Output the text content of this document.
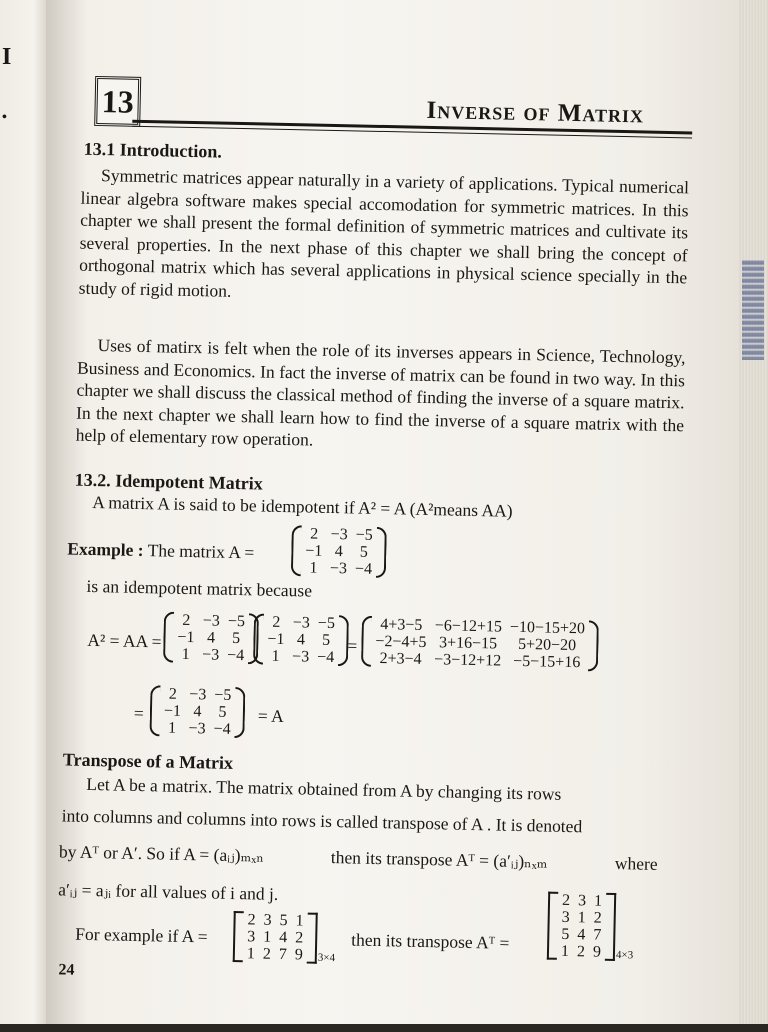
I
•	13	Inverse of Matrix
13.1 Introduction.

Symmetric matrices appear naturally in a variety of applications. Typical numerical linear algebra software makes special accomodation for symmetric matrices. In this chapter we shall present the formal definition of symmetric matrices and cultivate its several properties. In the next phase of this chapter we shall bring the concept of orthogonal matrix which has several applications in physical science specially in the study of rigid motion.

Uses of matirx is felt when the role of its inverses appears in Science, Technology, Business and Economics. In fact the inverse of matrix can be found in two way. In this chapter we shall discuss the classical method of finding the inverse of a square matrix. In the next chapter we shall learn how to find the inverse of a square matrix with the help of elementary row operation.

13.2. Idempotent Matrix
A matrix A is said to be idempotent if A² = A (A²means AA)
Example : The matrix A =
2	−3	−5
−1	4	5
1	−3	−4
is an idempotent matrix because
A² = AA =
2	−3	−5
−1	4	5
1	−3	−4
2	−3	−5
−1	4	5
1	−3	−4
=
4+3−5	−6−12+15	−10−15+20
−2−4+5	3+16−15	5+20−20
2+3−4	−3−12+12	−5−15+16
=
2	−3	−5
−1	4	5
1	−3	−4
= A
Transpose of a Matrix
Let A be a matrix. The matrix obtained from A by changing its rows
into columns and columns into rows is called transpose of A . It is denoted
by Aᵀ or A′. So if A = (aᵢⱼ)ₘₓₙ	then its transpose Aᵀ = (a′ᵢⱼ)ₙₓₘ	where
a′ᵢⱼ = aⱼᵢ for all values of i and j.
For example if A =
2	3	5	1
3	1	4	2
1	2	7	9 3×4
then its transpose Aᵀ =
2	3	1
3	1	2
5	4	7
1	2	9 4×3
24
